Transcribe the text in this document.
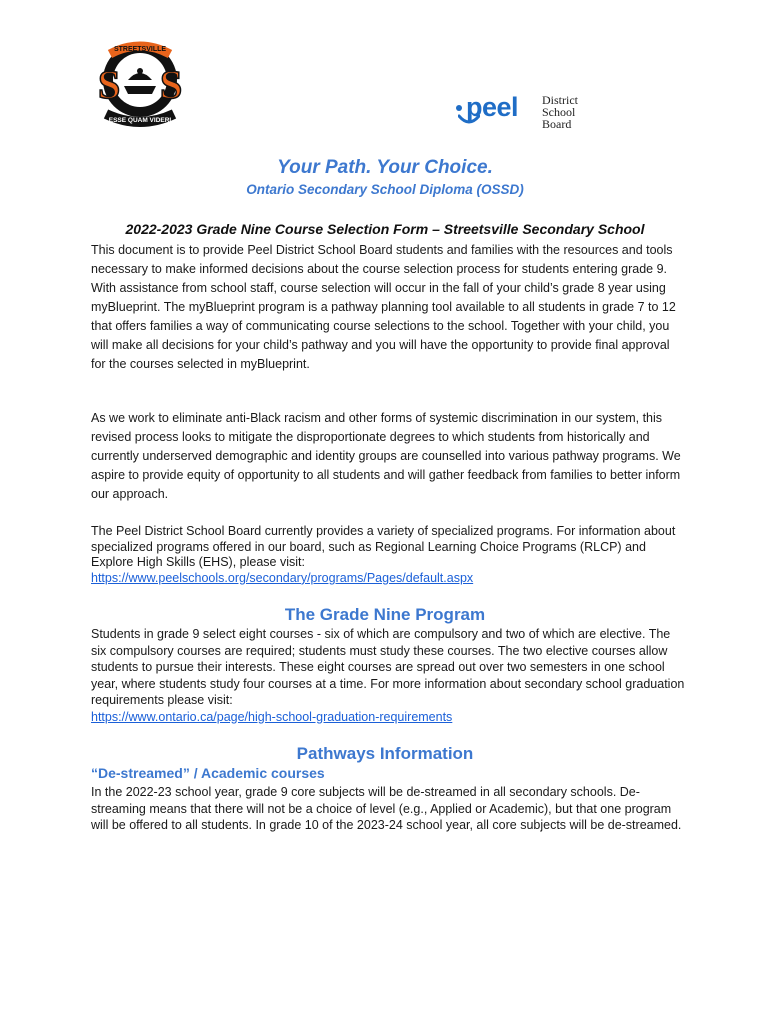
S S
STREETSVILLE
ESSE QUAM VIDERI	peel District
School Board
Your Path. Your Choice.
Ontario Secondary School Diploma (OSSD)
2022-2023 Grade Nine Course Selection Form – Streetsville Secondary School

This document is to provide Peel District School Board students and families with the resources and tools necessary to make informed decisions about the course selection process for students entering grade 9. With assistance from school staff, course selection will occur in the fall of your child’s grade 8 year using myBlueprint. The myBlueprint program is a pathway planning tool available to all students in grade 7 to 12 that offers families a way of communicating course selections to the school. Together with your child, you will make all decisions for your child’s pathway and you will have the opportunity to provide final approval for the courses selected in myBlueprint.

As we work to eliminate anti-Black racism and other forms of systemic discrimination in our system, this revised process looks to mitigate the disproportionate degrees to which students from historically and currently underserved demographic and identity groups are counselled into various pathway programs. We aspire to provide equity of opportunity to all students and will gather feedback from families to better inform our approach.

The Peel District School Board currently provides a variety of specialized programs. For information about specialized programs offered in our board, such as Regional Learning Choice Programs (RLCP) and Explore High Skills (EHS), please visit:
https://www.peelschools.org/secondary/programs/Pages/default.aspx

The Grade Nine Program

Students in grade 9 select eight courses - six of which are compulsory and two of which are elective. The six compulsory courses are required; students must study these courses. The two elective courses allow students to pursue their interests. These eight courses are spread out over two semesters in one school year, where students study four courses at a time. For more information about secondary school graduation requirements please visit:
https://www.ontario.ca/page/high-school-graduation-requirements

Pathways Information
“De-streamed” / Academic courses

In the 2022-23 school year, grade 9 core subjects will be de-streamed in all secondary schools. De-streaming means that there will not be a choice of level (e.g., Applied or Academic), but that one program will be offered to all students. In grade 10 of the 2023-24 school year, all core subjects will be de-streamed.
